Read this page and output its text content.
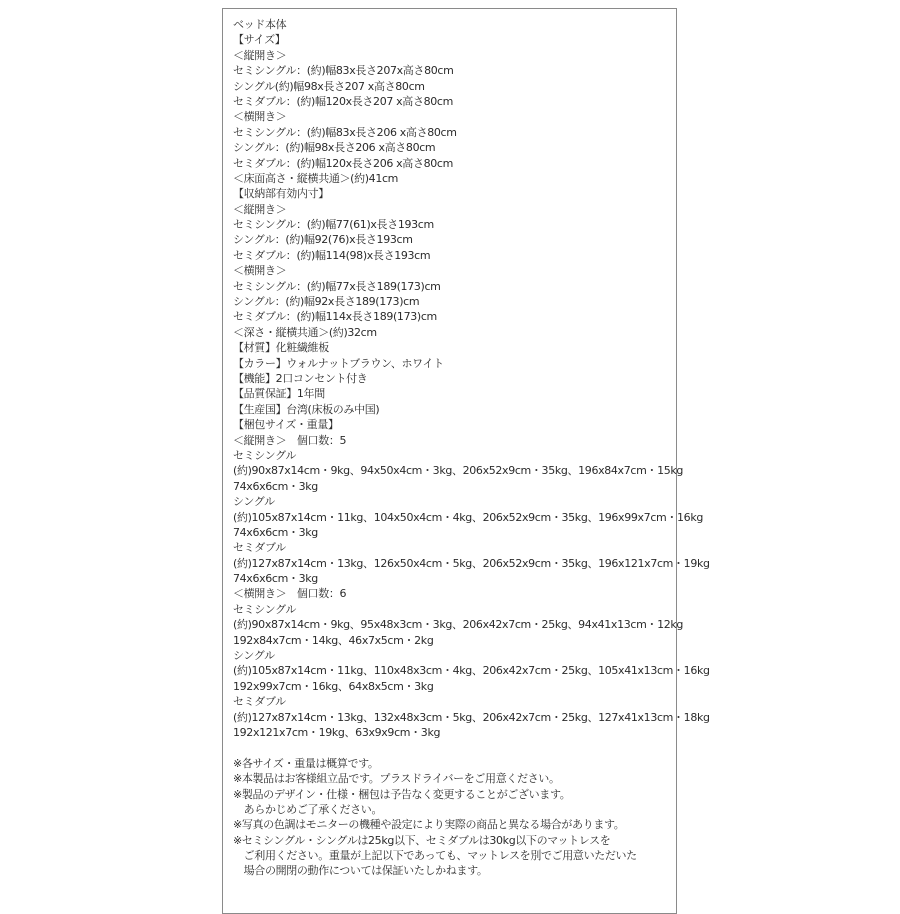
ベッド本体
【サイズ】
＜縦開き＞
セミシングル：(約)幅83x長さ207x高さ80cm
シングル(約)幅98x長さ207 x高さ80cm
セミダブル：(約)幅120x長さ207 x高さ80cm
＜横開き＞
セミシングル：(約)幅83x長さ206 x高さ80cm
シングル：(約)幅98x長さ206 x高さ80cm
セミダブル：(約)幅120x長さ206 x高さ80cm
＜床面高さ・縦横共通＞(約)41cm
【収納部有効内寸】
＜縦開き＞
セミシングル：(約)幅77(61)x長さ193cm
シングル：(約)幅92(76)x長さ193cm
セミダブル：(約)幅114(98)x長さ193cm
＜横開き＞
セミシングル：(約)幅77x長さ189(173)cm
シングル：(約)幅92x長さ189(173)cm
セミダブル：(約)幅114x長さ189(173)cm
＜深さ・縦横共通＞(約)32cm
【材質】化粧繊維板
【カラー】ウォルナットブラウン、ホワイト
【機能】2口コンセント付き
【品質保証】1年間
【生産国】台湾(床板のみ中国)
【梱包サイズ・重量】
＜縦開き＞　個口数：5
セミシングル
(約)90x87x14cm・9kg、94x50x4cm・3kg、206x52x9cm・35kg、196x84x7cm・15kg
74x6x6cm・3kg
シングル
(約)105x87x14cm・11kg、104x50x4cm・4kg、206x52x9cm・35kg、196x99x7cm・16kg
74x6x6cm・3kg
セミダブル
(約)127x87x14cm・13kg、126x50x4cm・5kg、206x52x9cm・35kg、196x121x7cm・19kg
74x6x6cm・3kg
＜横開き＞　個口数：6
セミシングル
(約)90x87x14cm・9kg、95x48x3cm・3kg、206x42x7cm・25kg、94x41x13cm・12kg
192x84x7cm・14kg、46x7x5cm・2kg
シングル
(約)105x87x14cm・11kg、110x48x3cm・4kg、206x42x7cm・25kg、105x41x13cm・16kg
192x99x7cm・16kg、64x8x5cm・3kg
セミダブル
(約)127x87x14cm・13kg、132x48x3cm・5kg、206x42x7cm・25kg、127x41x13cm・18kg
192x121x7cm・19kg、63x9x9cm・3kg
※各サイズ・重量は概算です。
※本製品はお客様組立品です。プラスドライバーをご用意ください。
※製品のデザイン・仕様・梱包は予告なく変更することがございます。
　あらかじめご了承ください。
※写真の色調はモニターの機種や設定により実際の商品と異なる場合があります。
※セミシングル・シングルは25kg以下、セミダブルは30kg以下のマットレスを
　ご利用ください。重量が上記以下であっても、マットレスを別でご用意いただいた
　場合の開閉の動作については保証いたしかねます。
